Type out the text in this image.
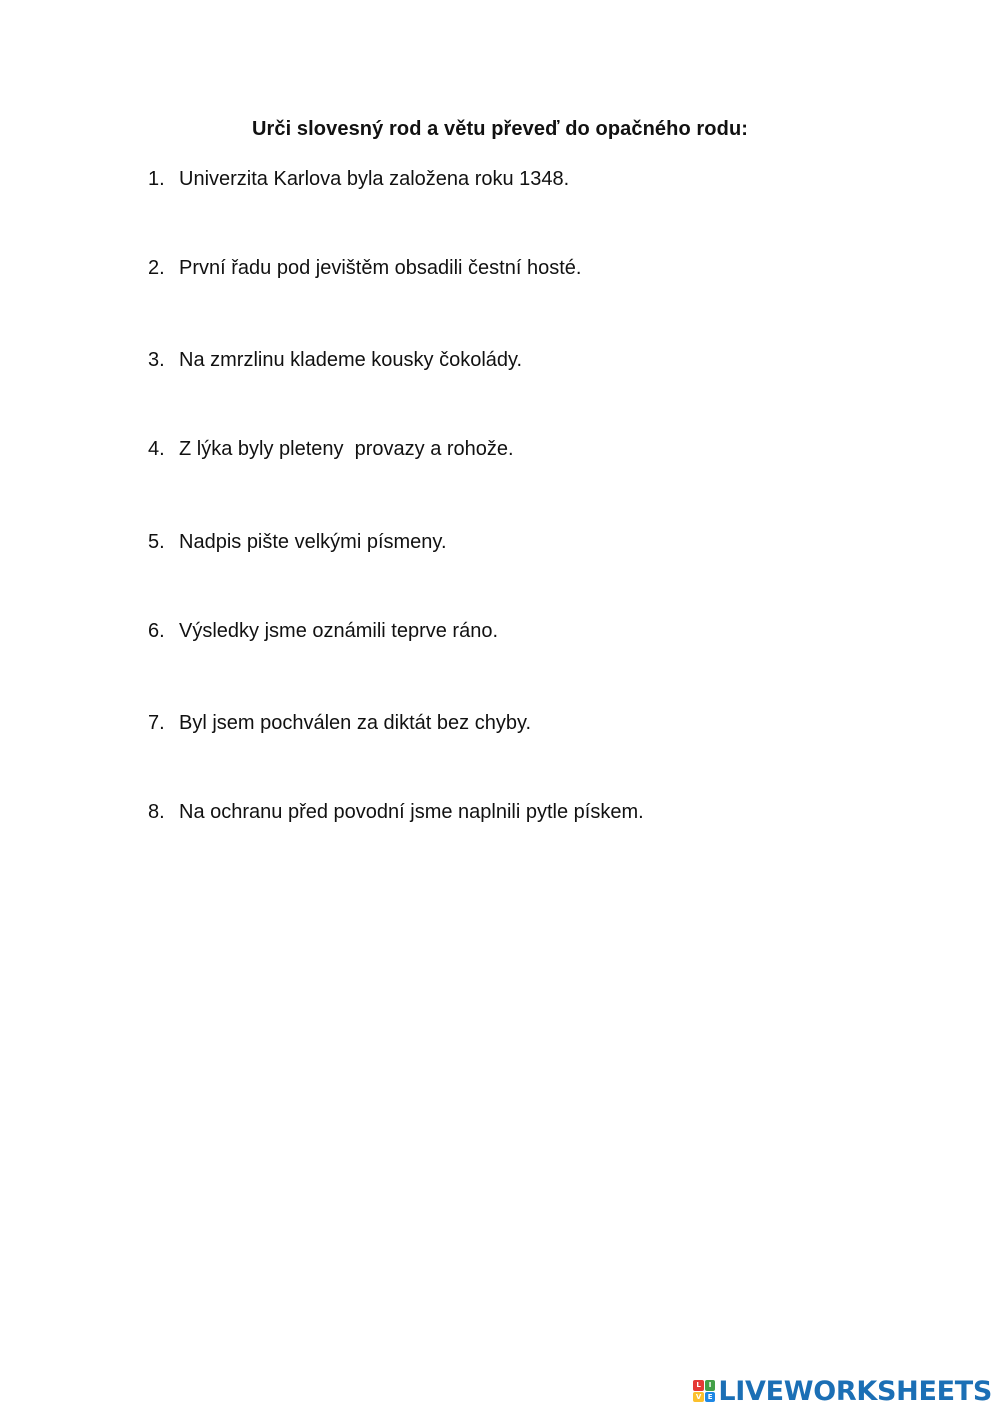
Urči slovesný rod a větu převeď do opačného rodu:
1. Univerzita Karlova byla založena roku 1348.
2. První řadu pod jevištěm obsadili čestní hosté.
3. Na zmrzlinu klademe kousky čokolády.
4. Z lýka byly pleteny  provazy a rohože.
5. Nadpis pište velkými písmeny.
6. Výsledky jsme oznámili teprve ráno.
7. Byl jsem pochválen za diktát bez chyby.
8. Na ochranu před povodní jsme naplnili pytle pískem.
L	I
V E LIVEWORKSHEETS
